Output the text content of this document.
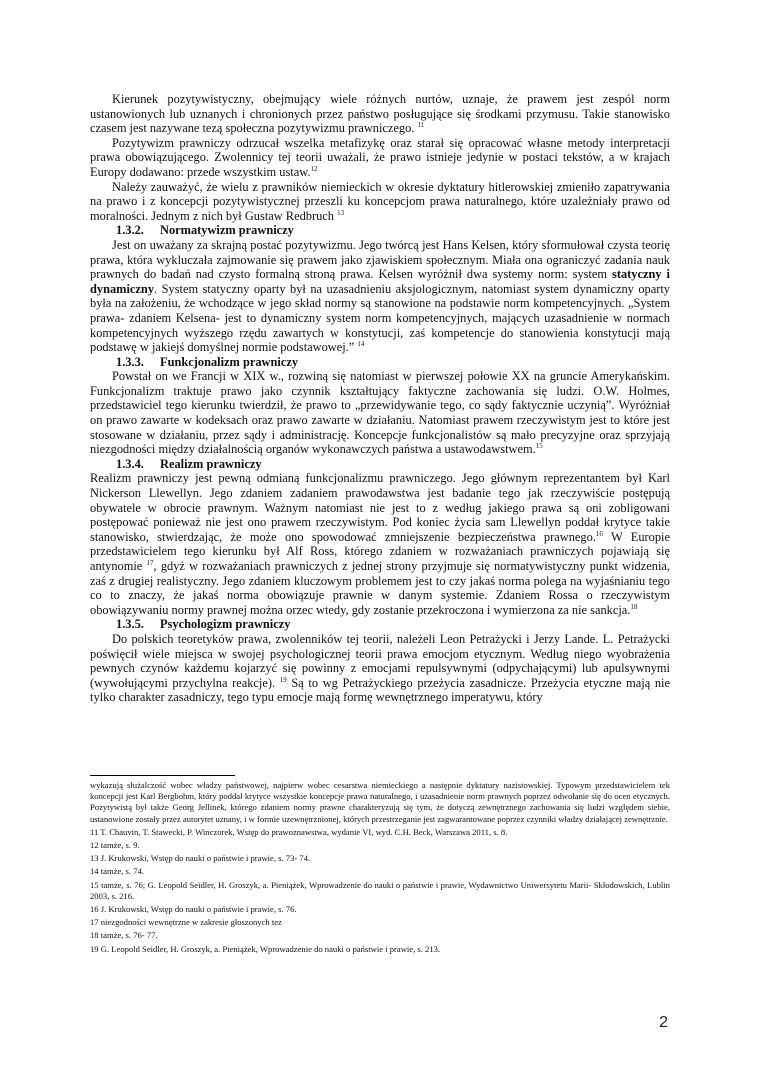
Kierunek pozytywistyczny, obejmujący wiele różnych nurtów, uznaje, że prawem jest zespól norm ustanowionych lub uznanych i chronionych przez państwo posługujące się środkami przymusu. Takie stanowisko czasem jest nazywane tezą społeczna pozytywizmu prawniczego. $^{11}$

Pozytywizm prawniczy odrzucał wszelka metafizykę oraz starał się opracować własne metody interpretacji prawa obowiązującego. Zwolennicy tej teorii uważali, że prawo istnieje jedynie w postaci tekstów, a w krajach Europy dodawano: przede wszystkim ustaw.$^{12}$

Należy zauważyć, że wielu z prawników niemieckich w okresie dyktatury hitlerowskiej zmieniło zapatrywania na prawo i z koncepcji pozytywistycznej przeszli ku koncepcjom prawa naturalnego, które uzależniały prawo od moralności. Jednym z nich był Gustaw Redbruch $^{13}$

1.3.2. Normatywizm prawniczy

Jest on uważany za skrajną postać pozytywizmu. Jego twórcą jest Hans Kelsen, który sformułował czysta teorię prawa, która wykluczała zajmowanie się prawem jako zjawiskiem społecznym. Miała ona ograniczyć zadania nauk prawnych do badań nad czysto formalną stroną prawa. Kelsen wyróżnił dwa systemy norm: system statyczny i dynamiczny. System statyczny oparty był na uzasadnieniu aksjologicznym, natomiast system dynamiczny oparty była na założeniu, że wchodzące w jego skład normy są stanowione na podstawie norm kompetencyjnych. „System prawa- zdaniem Kelsena- jest to dynamiczny system norm kompetencyjnych, mających uzasadnienie w normach kompetencyjnych wyższego rzędu zawartych w konstytucji, zaś kompetencje do stanowienia konstytucji mają podstawę w jakiejś domyślnej normie podstawowej.” $^{14}$

1.3.3. Funkcjonalizm prawniczy

Powstał on we Francji w XIX w., rozwiną się natomiast w pierwszej połowie XX na gruncie Amerykańskim. Funkcjonalizm traktuje prawo jako czynnik kształtujący faktyczne zachowania się ludzi. O.W. Holmes, przedstawiciel tego kierunku twierdził, że prawo to „przewidywanie tego, co sądy faktycznie uczynią”. Wyróżniał on prawo zawarte w kodeksach oraz prawo zawarte w działaniu. Natomiast prawem rzeczywistym jest to które jest stosowane w działaniu, przez sądy i administrację. Koncepcje funkcjonalistów są mało precyzyjne oraz sprzyjają niezgodności między działalnością organów wykonawczych państwa a ustawodawstwem.$^{15}$

1.3.4. Realizm prawniczy

Realizm prawniczy jest pewną odmianą funkcjonalizmu prawniczego. Jego głównym reprezentantem był Karl Nickerson Llewellyn. Jego zdaniem zadaniem prawodawstwa jest badanie tego jak rzeczywiście postępują obywatele w obrocie prawnym. Ważnym natomiast nie jest to z według jakiego prawa są oni zobligowani postępować ponieważ nie jest ono prawem rzeczywistym. Pod koniec życia sam Llewellyn poddał krytyce takie stanowisko, stwierdzając, że może ono spowodować zmniejszenie bezpieczeństwa prawnego.$^{16}$ W Europie przedstawicielem tego kierunku był Alf Ross, którego zdaniem w rozważaniach prawniczych pojawiają się antynomie $^{17}$, gdyż w rozważaniach prawniczych z jednej strony przyjmuje się normatywistyczny punkt widzenia, zaś z drugiej realistyczny. Jego zdaniem kluczowym problemem jest to czy jakaś norma polega na wyjaśnianiu tego co to znaczy, że jakaś norma obowiązuje prawnie w danym systemie. Zdaniem Rossa o rzeczywistym obowiązywaniu normy prawnej można orzec wtedy, gdy zostanie przekroczona i wymierzona za nie sankcja.$^{18}$

1.3.5. Psychologizm prawniczy

Do polskich teoretyków prawa, zwolenników tej teorii, należeli Leon Petrażycki i Jerzy Lande. L. Petrażycki poświęcił wiele miejsca w swojej psychologicznej teorii prawa emocjom etycznym. Według niego wyobrażenia pewnych czynów każdemu kojarzyć się powinny z emocjami repulsywnymi (odpychającymi) lub apulsywnymi (wywołującymi przychylna reakcje). $^{19}$ Są to wg Petrażyckiego przeżycia zasadnicze. Przeżycia etyczne mają nie tylko charakter zasadniczy, tego typu emocje mają formę wewnętrznego imperatywu, który

wykazują służalczość wobec władzy państwowej, najpierw wobec cesarstwa niemieckiego a następnie dyktatury nazistowskiej. Typowym przedstawicielem tek koncepcji jest Karl Bergbohm, który poddał krytyce wszystkie koncepcje prawa naturalnego, i uzasadnienie norm prawnych poprzez odwołanie się do ocen etycznych. Pozytywistą był także Georg Jellinek, którego zdaniem normy prawne charakteryzują się tym, że dotyczą zewnętrznego zachowania się ludzi względem siebie, ustanowione zostały przez autorytet uznany, i w formie uzewnętrznionej, których przestrzeganie jest zagwarantowane poprzez czynniki władzy działającej zewnętrznie.

11 T. Chauvin, T. Stawecki, P. Winczorek, Wstęp do prawoznawstwa, wydanie VI, wyd. C.H. Beck, Warszawa 2011, s. 8.

12 tamże, s. 9.

13 J. Krukowski, Wstęp do nauki o państwie i prawie, s. 73- 74.

14 tamże, s. 74.

15 tamże, s. 76; G. Leopold Seidler, H. Groszyk, a. Pieniążek, Wprowadzenie do nauki o państwie i prawie, Wydawnictwo Uniwersytetu Marii- Skłodowskich, Lublin 2003, s. 216.

16 J. Krukowski, Wstęp do nauki o państwie i prawie, s. 76.

17 niezgodności wewnętrzne w zakresie głoszonych tez

18 tamże, s. 76- 77.

19 G. Leopold Seidler, H. Groszyk, a. Pieniążek, Wprowadzenie do nauki o państwie i prawie, s. 213.

2
